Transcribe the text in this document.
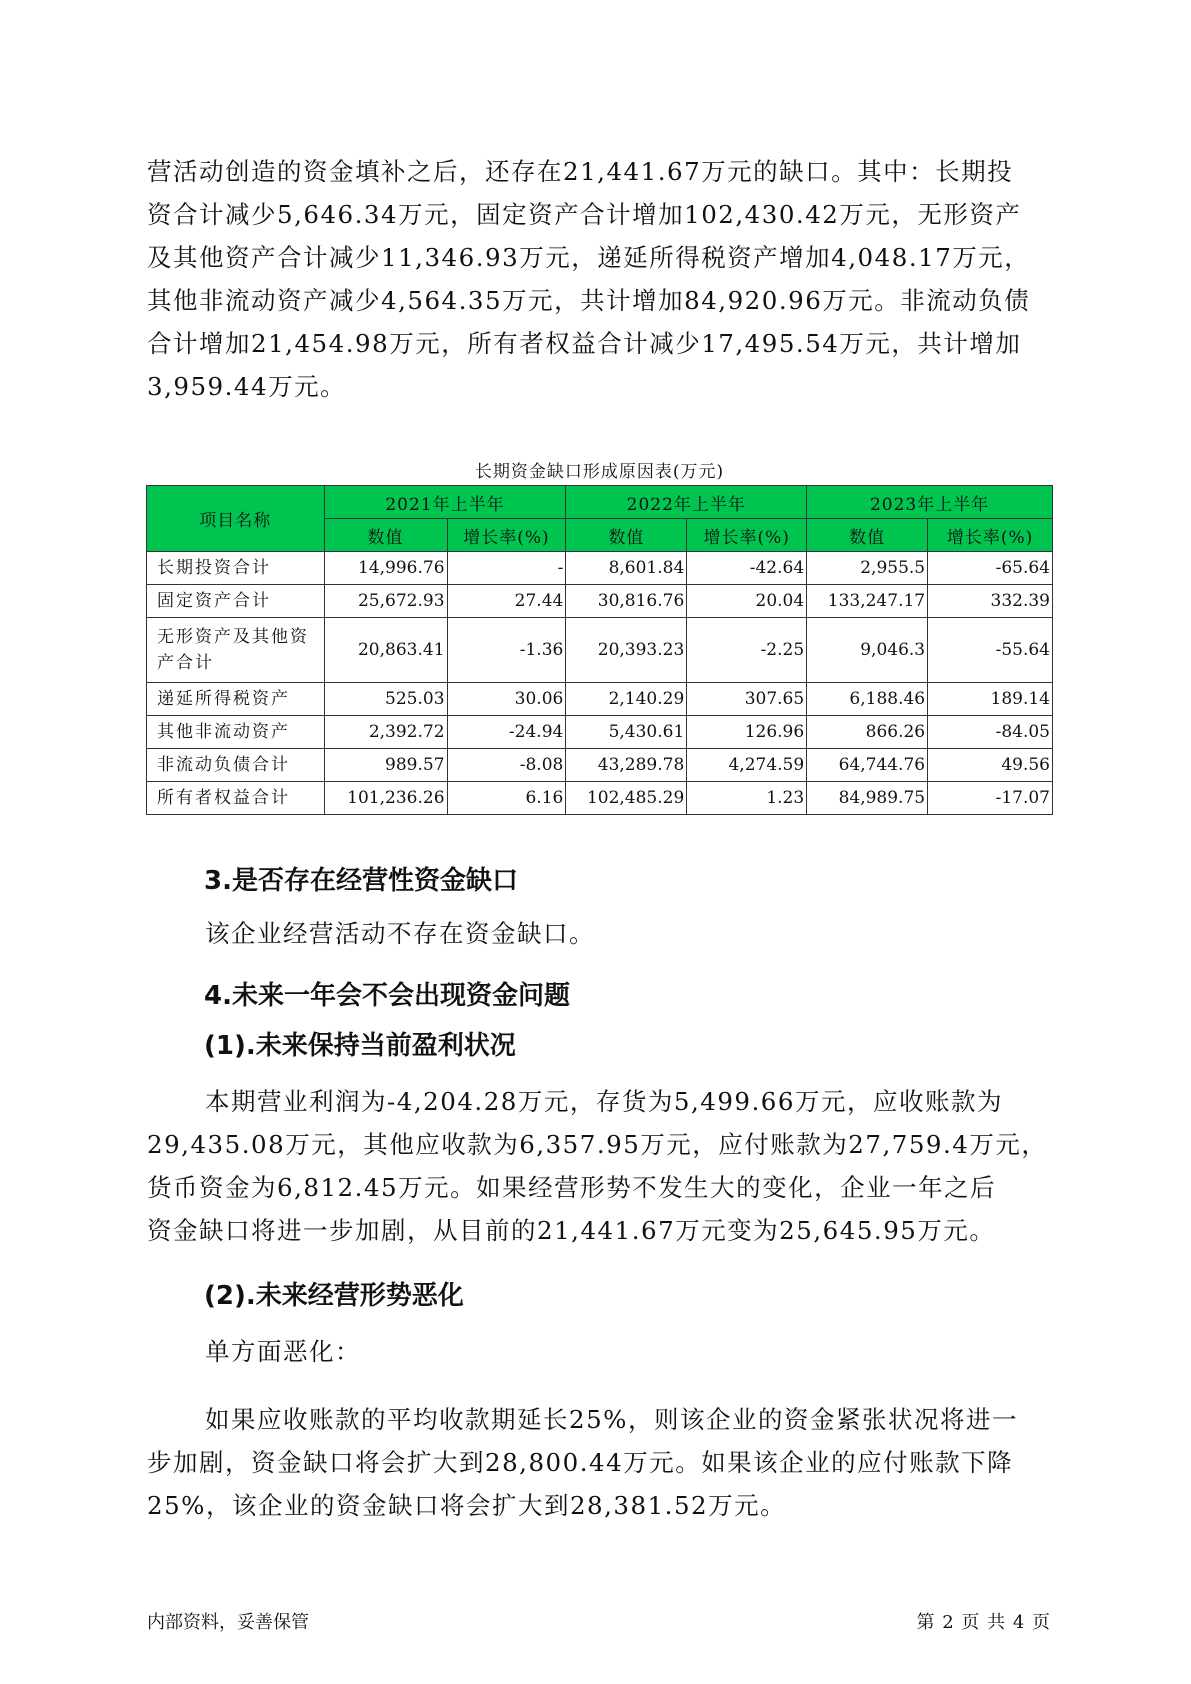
营活动创造的资金填补之后，还存在21,441.67万元的缺口。其中：长期投
资合计减少5,646.34万元，固定资产合计增加102,430.42万元，无形资产
及其他资产合计减少11,346.93万元，递延所得税资产增加4,048.17万元，
其他非流动资产减少4,564.35万元，共计增加84,920.96万元。非流动负债
合计增加21,454.98万元，所有者权益合计减少17,495.54万元，共计增加
3,959.44万元。
长期资金缺口形成原因表(万元)
项目名称	2021年上半年		2022年上半年		2023年上半年	
	数值	增长率(%)	数值	增长率(%)	数值	增长率(%)
长期投资合计	14,996.76	-	8,601.84	-42.64	2,955.5	-65.64
固定资产合计	25,672.93	27.44	30,816.76	20.04	133,247.17	332.39
无形资产及其他资产合计	20,863.41	-1.36	20,393.23	-2.25	9,046.3	-55.64
递延所得税资产	525.03	30.06	2,140.29	307.65	6,188.46	189.14
其他非流动资产	2,392.72	-24.94	5,430.61	126.96	866.26	-84.05
非流动负债合计	989.57	-8.08	43,289.78	4,274.59	64,744.76	49.56
所有者权益合计	101,236.26	6.16	102,485.29	1.23	84,989.75	-17.07
3.是否存在经营性资金缺口
该企业经营活动不存在资金缺口。
4.未来一年会不会出现资金问题
(1).未来保持当前盈利状况
本期营业利润为-4,204.28万元，存货为5,499.66万元，应收账款为
29,435.08万元，其他应收款为6,357.95万元，应付账款为27,759.4万元，
货币资金为6,812.45万元。如果经营形势不发生大的变化，企业一年之后
资金缺口将进一步加剧，从目前的21,441.67万元变为25,645.95万元。
(2).未来经营形势恶化
单方面恶化：
如果应收账款的平均收款期延长25%，则该企业的资金紧张状况将进一
步加剧，资金缺口将会扩大到28,800.44万元。如果该企业的应付账款下降
25%，该企业的资金缺口将会扩大到28,381.52万元。
内部资料，妥善保管	第 2 页 共 4 页
